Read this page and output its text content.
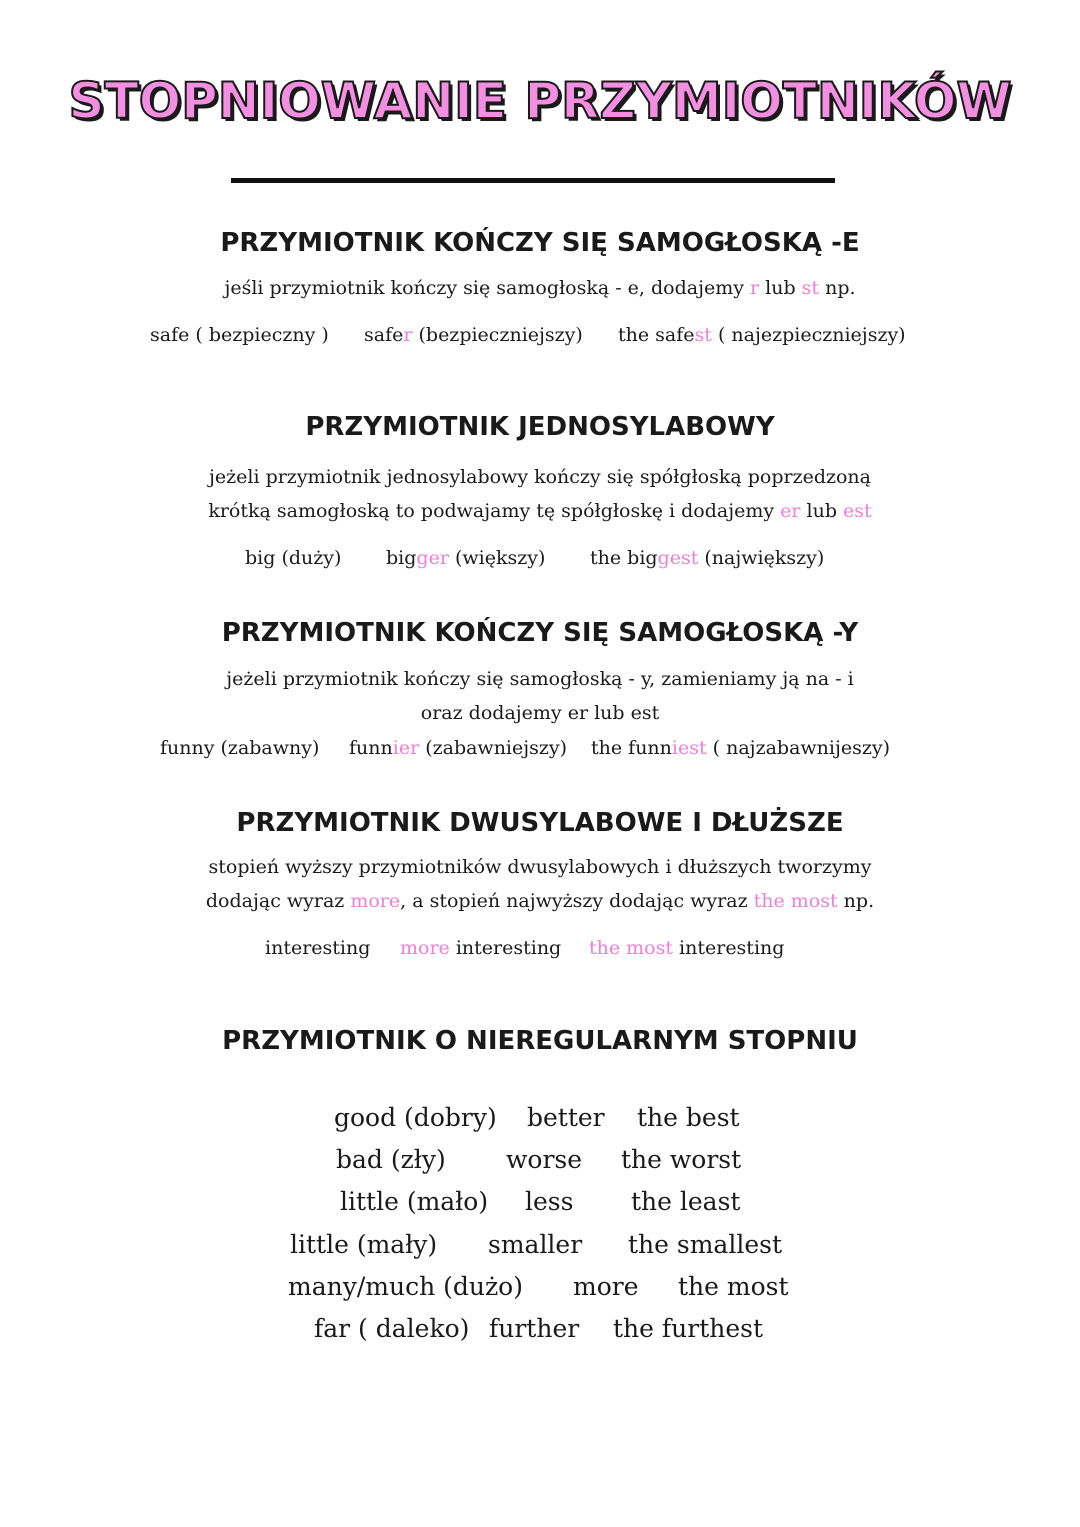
STOPNIOWANIE PRZYMIOTNIKÓW
PRZYMIOTNIK KOŃCZY SIĘ SAMOGŁOSKĄ -E
jeśli przymiotnik kończy się samogłoską - e, dodajemy r lub st np.
safe ( bezpieczny ) safer (bezpieczniejszy) the safest ( najezpieczniejszy)
PRZYMIOTNIK JEDNOSYLABOWY
jeżeli przymiotnik jednosylabowy kończy się spółgłoską poprzedzoną
krótką samogłoską to podwajamy tę spółgłoskę i dodajemy er lub est
big (duży) bigger (większy) the biggest (największy)
PRZYMIOTNIK KOŃCZY SIĘ SAMOGŁOSKĄ -Y
jeżeli przymiotnik kończy się samogłoską - y, zamieniamy ją na - i
oraz dodajemy er lub est
funny (zabawny) funnier (zabawniejszy) the funniest ( najzabawnijeszy)
PRZYMIOTNIK DWUSYLABOWE I DŁUŻSZE
stopień wyższy przymiotników dwusylabowych i dłuższych tworzymy
dodając wyraz more, a stopień najwyższy dodając wyraz the most np.
interesting more interesting the most interesting
PRZYMIOTNIK O NIEREGULARNYM STOPNIU
good (dobry) better the best
bad (zły) worse the worst
little (mało) less the least
little (mały) smaller the smallest
many/much (dużo) more the most
far ( daleko) further the furthest
